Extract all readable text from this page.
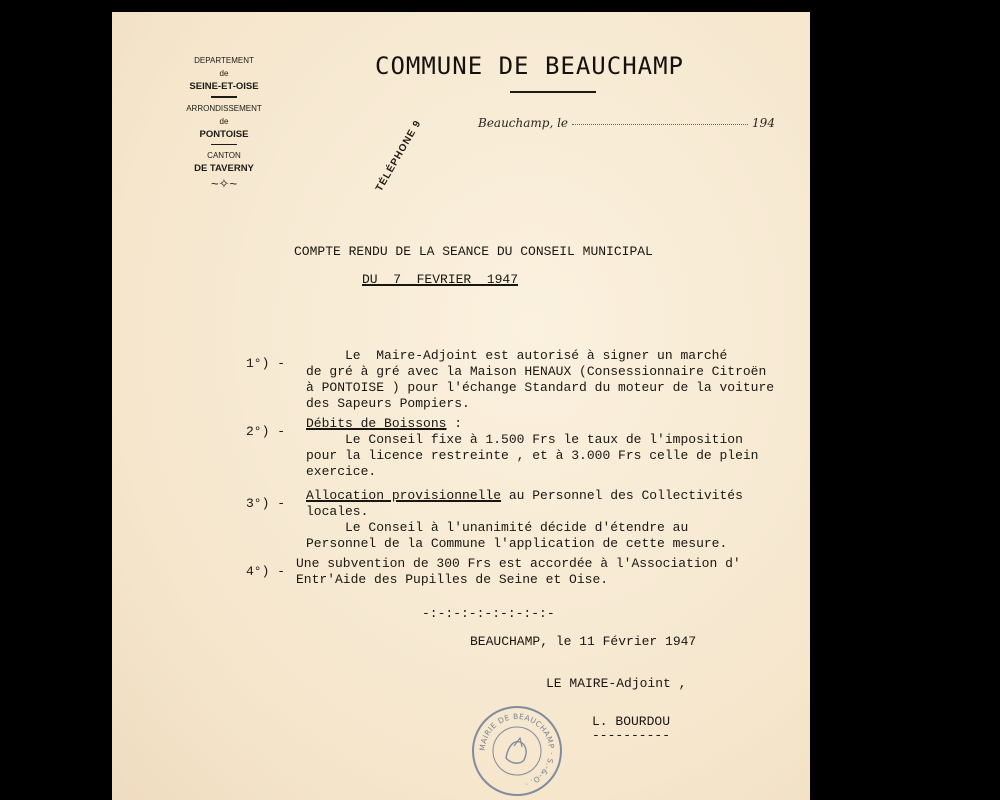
DEPARTEMENT
de
SEINE-ET-OISE
ARRONDISSEMENT
de
PONTOISE
CANTON
DE TAVERNY
~✧~
COMMUNE DE BEAUCHAMP
Beauchamp, le	194
TÉLÉPHONE 9
COMPTE RENDU DE LA SEANCE DU CONSEIL MUNICIPAL
DU  7  FEVRIER  1947
1°) -
Le  Maire-Adjoint est autorisé à signer un marché
de gré à gré avec la Maison HENAUX (Consessionnaire Citroën
à PONTOISE ) pour l'échange Standard du moteur de la voiture
des Sapeurs Pompiers.
2°) -
Débits de Boissons :
Le Conseil fixe à 1.500 Frs le taux de l'imposition
pour la licence restreinte , et à 3.000 Frs celle de plein
exercice.
3°) -
Allocation provisionnelle au Personnel des Collectivités
locales.
Le Conseil à l'unanimité décide d'étendre au
Personnel de la Commune l'application de cette mesure.
4°) -
Une subvention de 300 Frs est accordée à l'Association d'
Entr'Aide des Pupilles de Seine et Oise.
-:-:-:-:-:-:-:-:-
BEAUCHAMP, le 11 Février 1947
LE MAIRE-Adjoint ,
L. BOURDOU
----------
MAIRIE DE BEAUCHAMP · S.-&-O. ·
